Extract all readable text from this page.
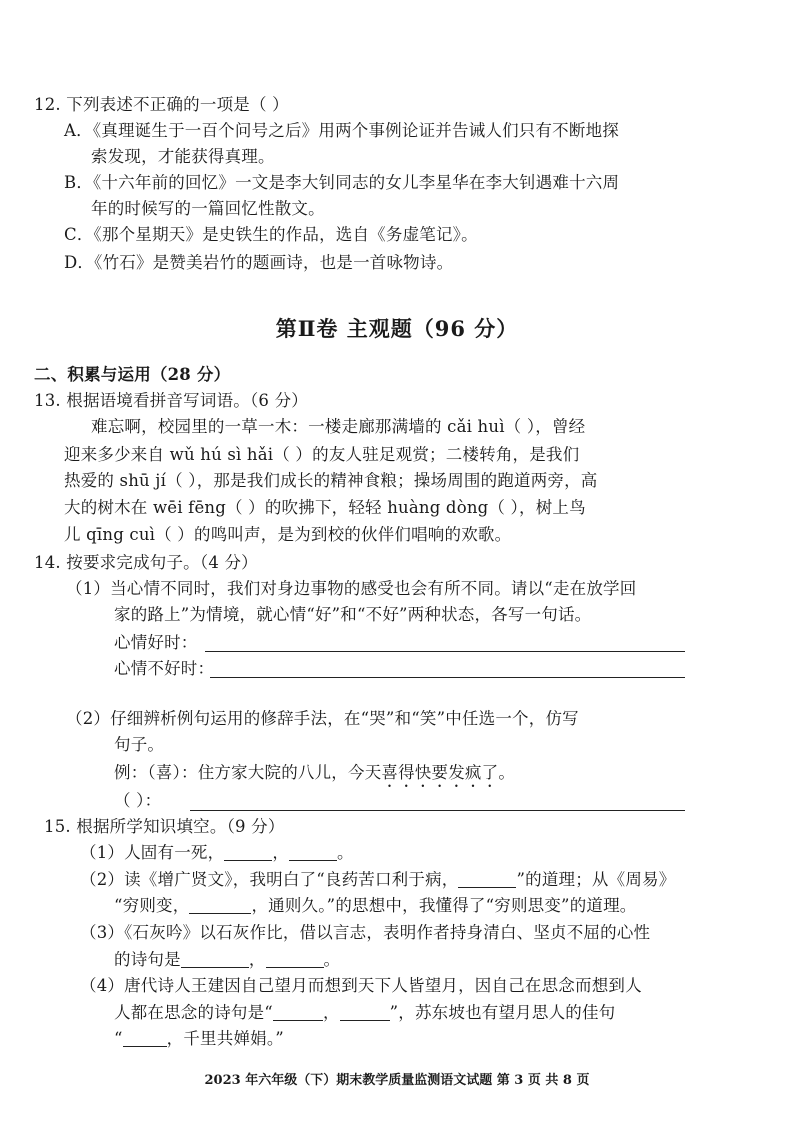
12. 下列表述不正确的一项是（ ）
A．《真理诞生于一百个问号之后》用两个事例论证并告诫人们只有不断地探
索发现，才能获得真理。
B．《十六年前的回忆》一文是李大钊同志的女儿李星华在李大钊遇难十六周
年的时候写的一篇回忆性散文。
C．《那个星期天》是史铁生的作品，选自《务虚笔记》。
D．《竹石》是赞美岩竹的题画诗，也是一首咏物诗。
第Ⅱ卷 主观题（96 分）
二、积累与运用（28 分）
13. 根据语境看拼音写词语。（6 分）
难忘啊，校园里的一草一木：一楼走廊那满墙的 cǎi huì（ ），曾经
迎来多少来自 wǔ hú sì hǎi（ ）的友人驻足观赏；二楼转角，是我们
热爱的 shū jí（ ），那是我们成长的精神食粮；操场周围的跑道两旁，高
大的树木在 wēi fēng（ ）的吹拂下，轻轻 huàng dòng（ ），树上鸟
儿 qīng cuì（ ）的鸣叫声，是为到校的伙伴们唱响的欢歌。
14. 按要求完成句子。（4 分）
（1）当心情不同时，我们对身边事物的感受也会有所不同。请以“走在放学回
家的路上”为情境，就心情“好”和“不好”两种状态，各写一句话。
心情好时：
心情不好时：
（2）仔细辨析例句运用的修辞手法，在“哭”和“笑”中任选一个，仿写
句子。
例：（喜）：住方家大院的八儿，今天喜得快要发疯了。
（ ）：
15. 根据所学知识填空。（9 分）
（1）人固有一死，	，	。
（2）读《增广贤文》，我明白了“良药苦口利于病，	”的道理；从《周易》
“穷则变，	，通则久。”的思想中，我懂得了“穷则思变”的道理。
（3）《石灰吟》以石灰作比，借以言志，表明作者持身清白、坚贞不屈的心性
的诗句是	，	。
（4）唐代诗人王建因自己望月而想到天下人皆望月，因自己在思念而想到人
人都在思念的诗句是“	，	”，苏东坡也有望月思人的佳句
“	，千里共婵娟。”
2023 年六年级（下）期末教学质量监测语文试题 第 3 页 共 8 页
